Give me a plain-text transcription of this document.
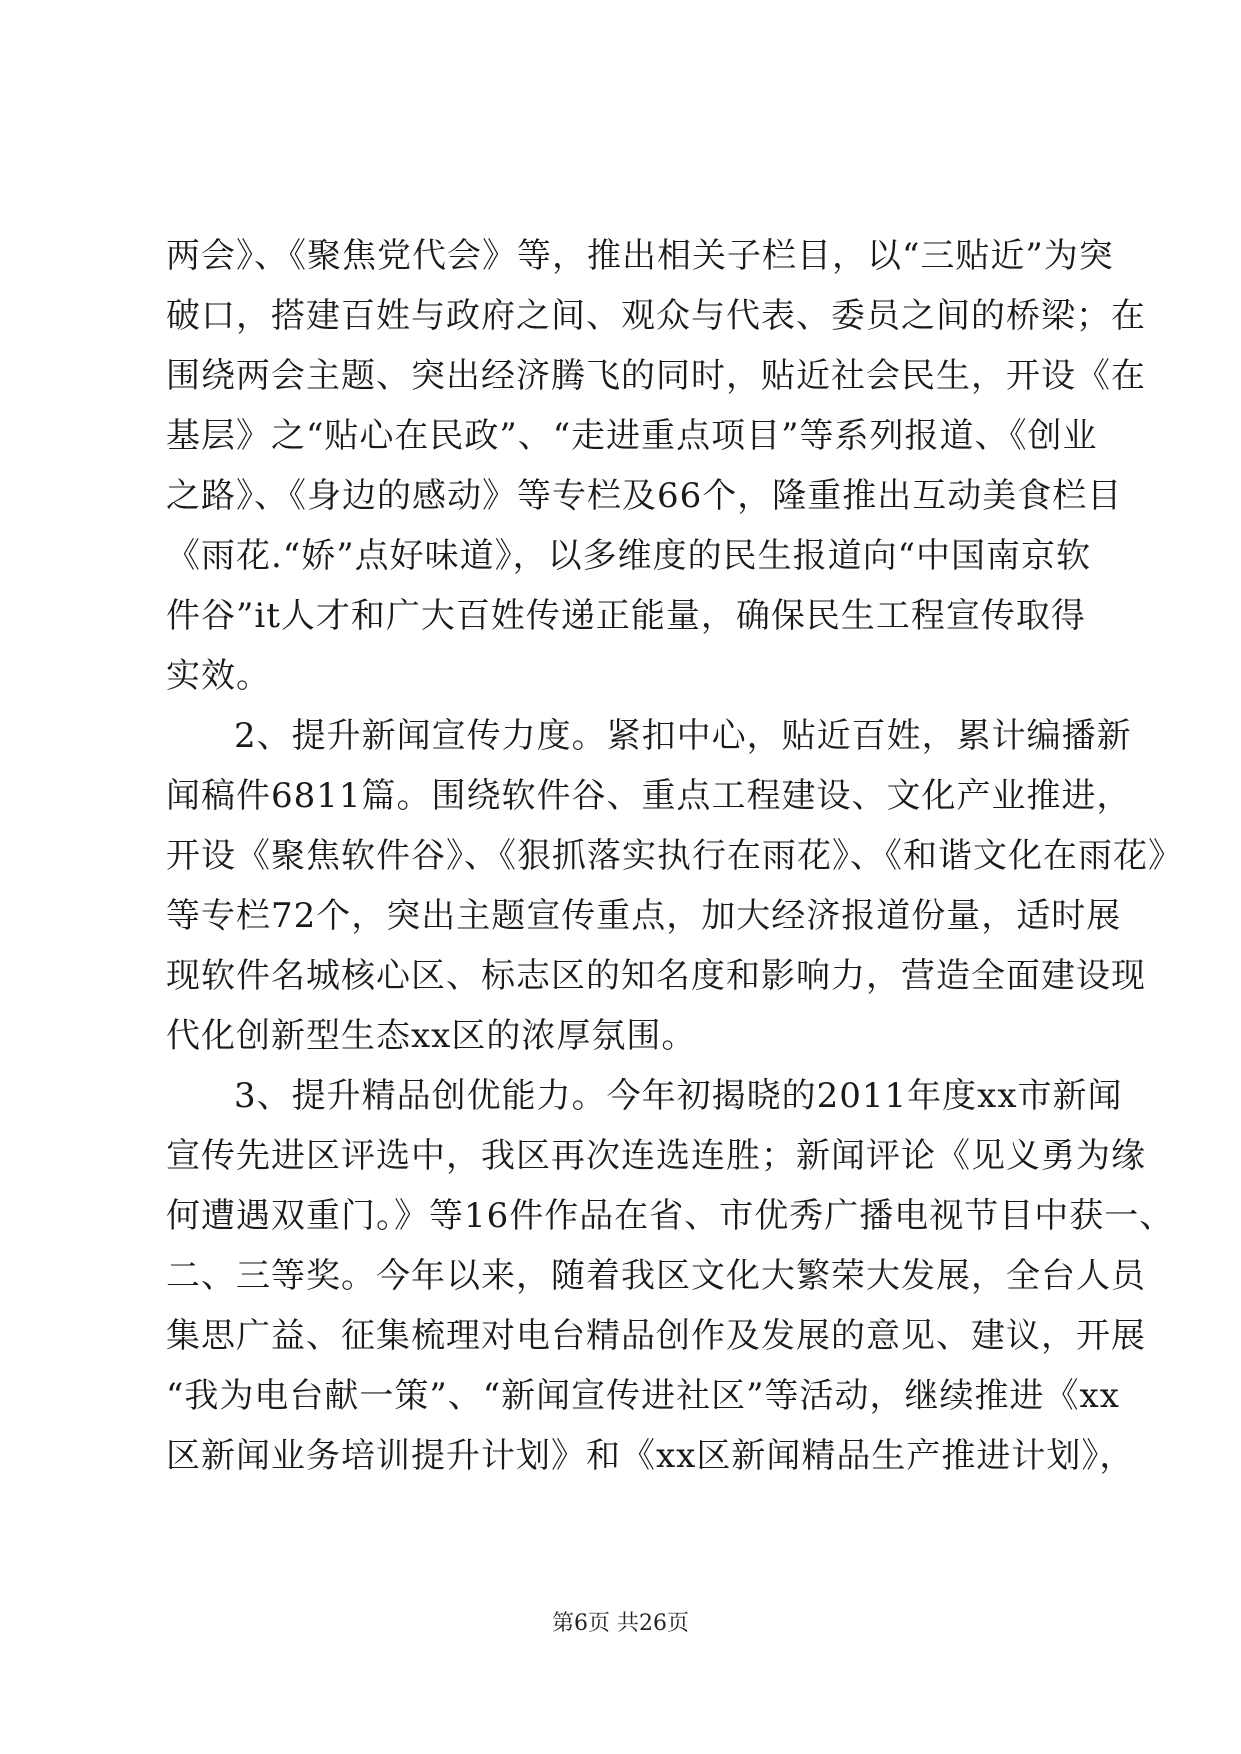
两会》、《聚焦党代会》等，推出相关子栏目，以“三贴近”为突
破口，搭建百姓与政府之间、观众与代表、委员之间的桥梁；在
围绕两会主题、突出经济腾飞的同时，贴近社会民生，开设《在
基层》之“贴心在民政”、“走进重点项目”等系列报道、《创业
之路》、《身边的感动》等专栏及66个，隆重推出互动美食栏目
《雨花.“娇”点好味道》，以多维度的民生报道向“中国南京软
件谷”it人才和广大百姓传递正能量，确保民生工程宣传取得
实效。
2、提升新闻宣传力度。紧扣中心，贴近百姓，累计编播新
闻稿件6811篇。围绕软件谷、重点工程建设、文化产业推进，
开设《聚焦软件谷》、《狠抓落实执行在雨花》、《和谐文化在雨花》
等专栏72个，突出主题宣传重点，加大经济报道份量，适时展
现软件名城核心区、标志区的知名度和影响力，营造全面建设现
代化创新型生态xx区的浓厚氛围。
3、提升精品创优能力。今年初揭晓的2011年度xx市新闻
宣传先进区评选中，我区再次连选连胜；新闻评论《见义勇为缘
何遭遇双重门。》等16件作品在省、市优秀广播电视节目中获一、
二、三等奖。今年以来，随着我区文化大繁荣大发展，全台人员
集思广益、征集梳理对电台精品创作及发展的意见、建议，开展
“我为电台献一策”、“新闻宣传进社区”等活动，继续推进《xx
区新闻业务培训提升计划》和《xx区新闻精品生产推进计划》，
第6页 共26页
